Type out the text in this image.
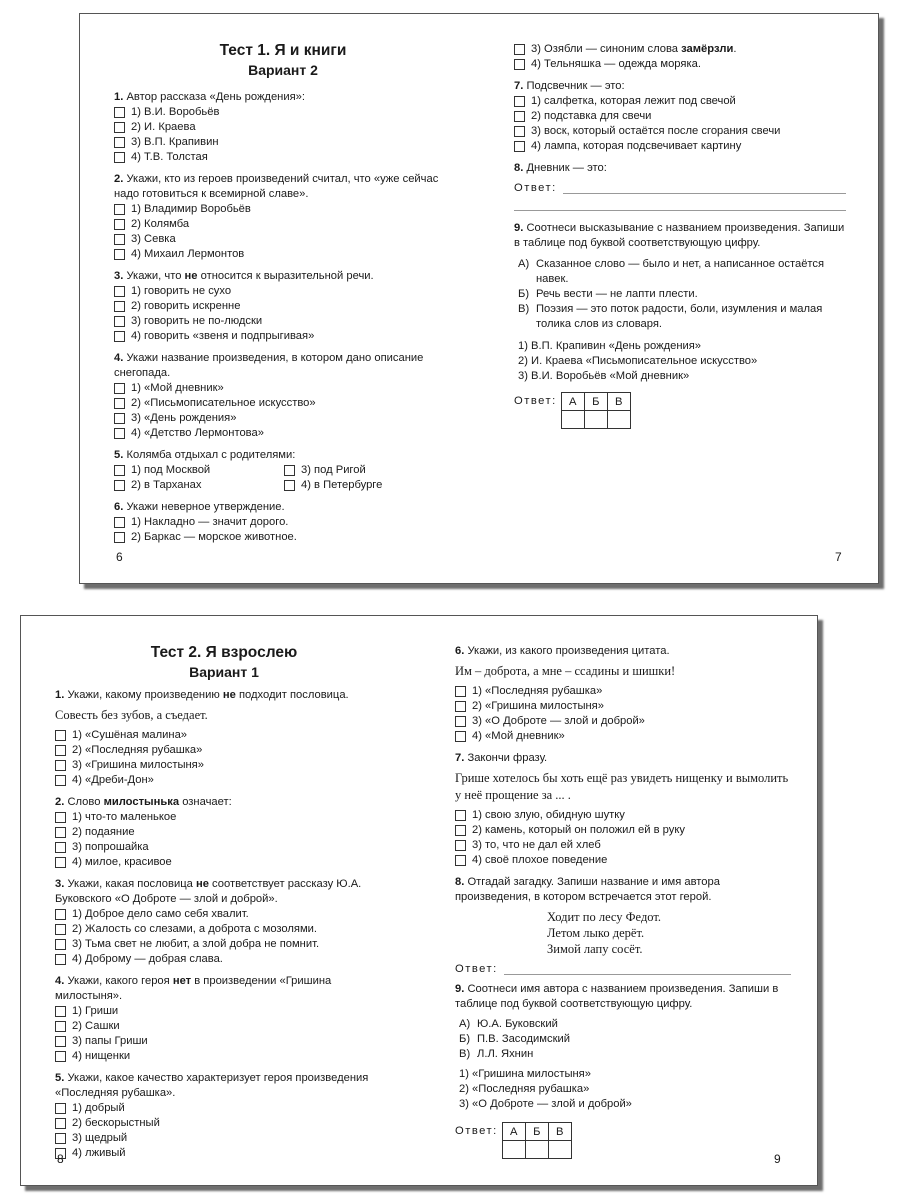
Тест 1. Я и книги
Вариант 2
1. Автор рассказа «День рождения»:
1) В.И. Воробьёв
2) И. Краева
3) В.П. Крапивин
4) Т.В. Толстая
2. Укажи, кто из героев произведений считал, что «уже сейчас надо готовиться к всемирной славе».
1) Владимир Воробьёв
2) Колямба
3) Севка
4) Михаил Лермонтов
3. Укажи, что не относится к выразительной речи.
1) говорить не сухо
2) говорить искренне
3) говорить не по-людски
4) говорить «звеня и подпрыгивая»
4. Укажи название произведения, в котором дано описание снегопада.
1) «Мой дневник»
2) «Письмописательное искусство»
3) «День рождения»
4) «Детство Лермонтова»
5. Колямба отдыхал с родителями:
1) под Москвой
2) в Тарханах
3) под Ригой
4) в Петербурге
6. Укажи неверное утверждение.
1) Накладно — значит дорого.
2) Баркас — морское животное.
3) Озябли — синоним слова
замёрзли .
4) Тельняшка — одежда моряка.
7. Подсвечник — это:
1) салфетка, которая лежит под свечой
2) подставка для свечи
3) воск, который остаётся после сгорания свечи
4) лампа, которая подсвечивает картину
8. Дневник — это:
Ответ:
9. Соотнеси высказывание с названием произведения. Запиши в таблице под буквой соответствующую цифру.
А) Сказанное слово — было и нет, а написанное остаётся навек.
Б) Речь вести — не лапти плести.
В) Поэзия — это поток радости, боли, изумления и малая толика слов из словаря.
1) В.П. Крапивин «День рождения»
2) И. Краева «Письмописательное искусство»
3) В.И. Воробьёв «Мой дневник»
Ответ: А	Б	В

6	7
Тест 2. Я взрослею
Вариант 1
1. Укажи, какому произведению не подходит пословица.
Совесть без зубов, а съедает.
1) «Сушёная малина»
2) «Последняя рубашка»
3) «Гришина милостыня»
4) «Дреби-Дон»
2. Слово милостынька означает:
1) что-то маленькое
2) подаяние
3) попрошайка
4) милое, красивое
3. Укажи, какая пословица не соответствует рассказу Ю.А. Буковского «О Доброте — злой и доброй».
1) Доброе дело само себя хвалит.
2) Жалость со слезами, а доброта с мозолями.
3) Тьма свет не любит, а злой добра не помнит.
4) Доброму — добрая слава.
4. Укажи, какого героя нет в произведении «Гришина милостыня».
1) Гриши
2) Сашки
3) папы Гриши
4) нищенки
5. Укажи, какое качество характеризует героя произведения «Последняя рубашка».
1) добрый
2) бескорыстный
3) щедрый
4) лживый
6. Укажи, из какого произведения цитата.
Им – доброта, а мне – ссадины и шишки!
1) «Последняя рубашка»
2) «Гришина милостыня»
3) «О Доброте — злой и доброй»
4) «Мой дневник»
7. Закончи фразу.
Грише хотелось бы хоть ещё раз увидеть нищенку и вымолить у неё прощение за ... .
1) свою злую, обидную шутку
2) камень, который он положил ей в руку
3) то, что не дал ей хлеб
4) своё плохое поведение
8. Отгадай загадку. Запиши название и имя автора произведения, в котором встречается этот герой.
Ходит по лесу Федот.
Летом лыко дерёт.
Зимой лапу сосёт.
Ответ:
9. Соотнеси имя автора с названием произведения. Запиши в таблице под буквой соответствующую цифру.
А) Ю.А. Буковский
Б) П.В. Засодимский
В) Л.Л. Яхнин
1) «Гришина милостыня»
2) «Последняя рубашка»
3) «О Доброте — злой и доброй»
Ответ: А	Б	В

8	9
